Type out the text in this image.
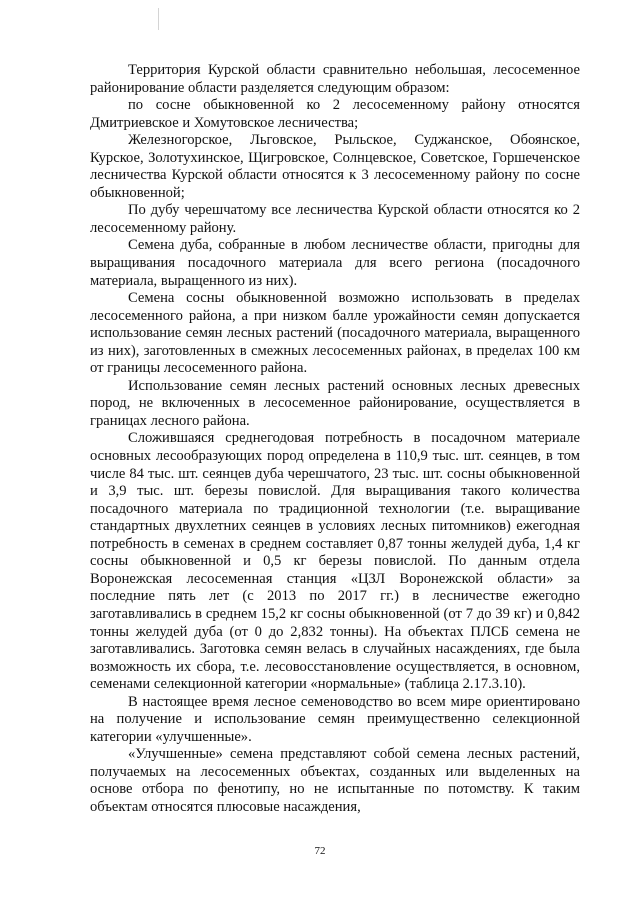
Территория Курской области сравнительно небольшая, лесосеменное районирование области разделяется следующим образом:

по сосне обыкновенной ко 2 лесосеменному району относятся Дмитриевское и Хомутовское лесничества;

Железногорское, Льговское, Рыльское, Суджанское, Обоянское, Курское, Золотухинское, Щигровское, Солнцевское, Советское, Горшеченское лесничества Курской области относятся к 3 лесосеменному району по сосне обыкновенной;

По дубу черешчатому все лесничества Курской области относятся ко 2 лесосеменному району.

Семена дуба, собранные в любом лесничестве области, пригодны для выращивания посадочного материала для всего региона (посадочного материала, выращенного из них).

Семена сосны обыкновенной возможно использовать в пределах лесосеменного района, а при низком балле урожайности семян допускается использование семян лесных растений (посадочного материала, выращенного из них), заготовленных в смежных лесосеменных районах, в пределах 100 км от границы лесосеменного района.

Использование семян лесных растений основных лесных древесных пород, не включенных в лесосеменное районирование, осуществляется в границах лесного района.

Сложившаяся среднегодовая потребность в посадочном материале основных лесообразующих пород определена в 110,9 тыс. шт. сеянцев, в том числе 84 тыс. шт. сеянцев дуба черешчатого, 23 тыс. шт. сосны обыкновенной и 3,9 тыс. шт. березы повислой. Для выращивания такого количества посадочного материала по традиционной технологии (т.е. выращивание стандартных двухлетних сеянцев в условиях лесных питомников) ежегодная потребность в семенах в среднем составляет 0,87 тонны желудей дуба, 1,4 кг сосны обыкновенной и 0,5 кг березы повислой. По данным отдела Воронежская лесосеменная станция «ЦЗЛ Воронежской области» за последние пять лет (с 2013 по 2017 гг.) в лесничестве ежегодно заготавливались в среднем 15,2 кг сосны обыкновенной (от 7 до 39 кг) и 0,842 тонны желудей дуба (от 0 до 2,832 тонны). На объектах ПЛСБ семена не заготавливались. Заготовка семян велась в случайных насаждениях, где была возможность их сбора, т.е. лесовосстановление осуществляется, в основном, семенами селекционной категории «нормальные» (таблица 2.17.3.10).

В настоящее время лесное семеноводство во всем мире ориентировано на получение и использование семян преимущественно селекционной категории «улучшенные».

«Улучшенные» семена представляют собой семена лесных растений, получаемых на лесосеменных объектах, созданных или выделенных на основе отбора по фенотипу, но не испытанные по потомству. К таким объектам относятся плюсовые насаждения,

72
